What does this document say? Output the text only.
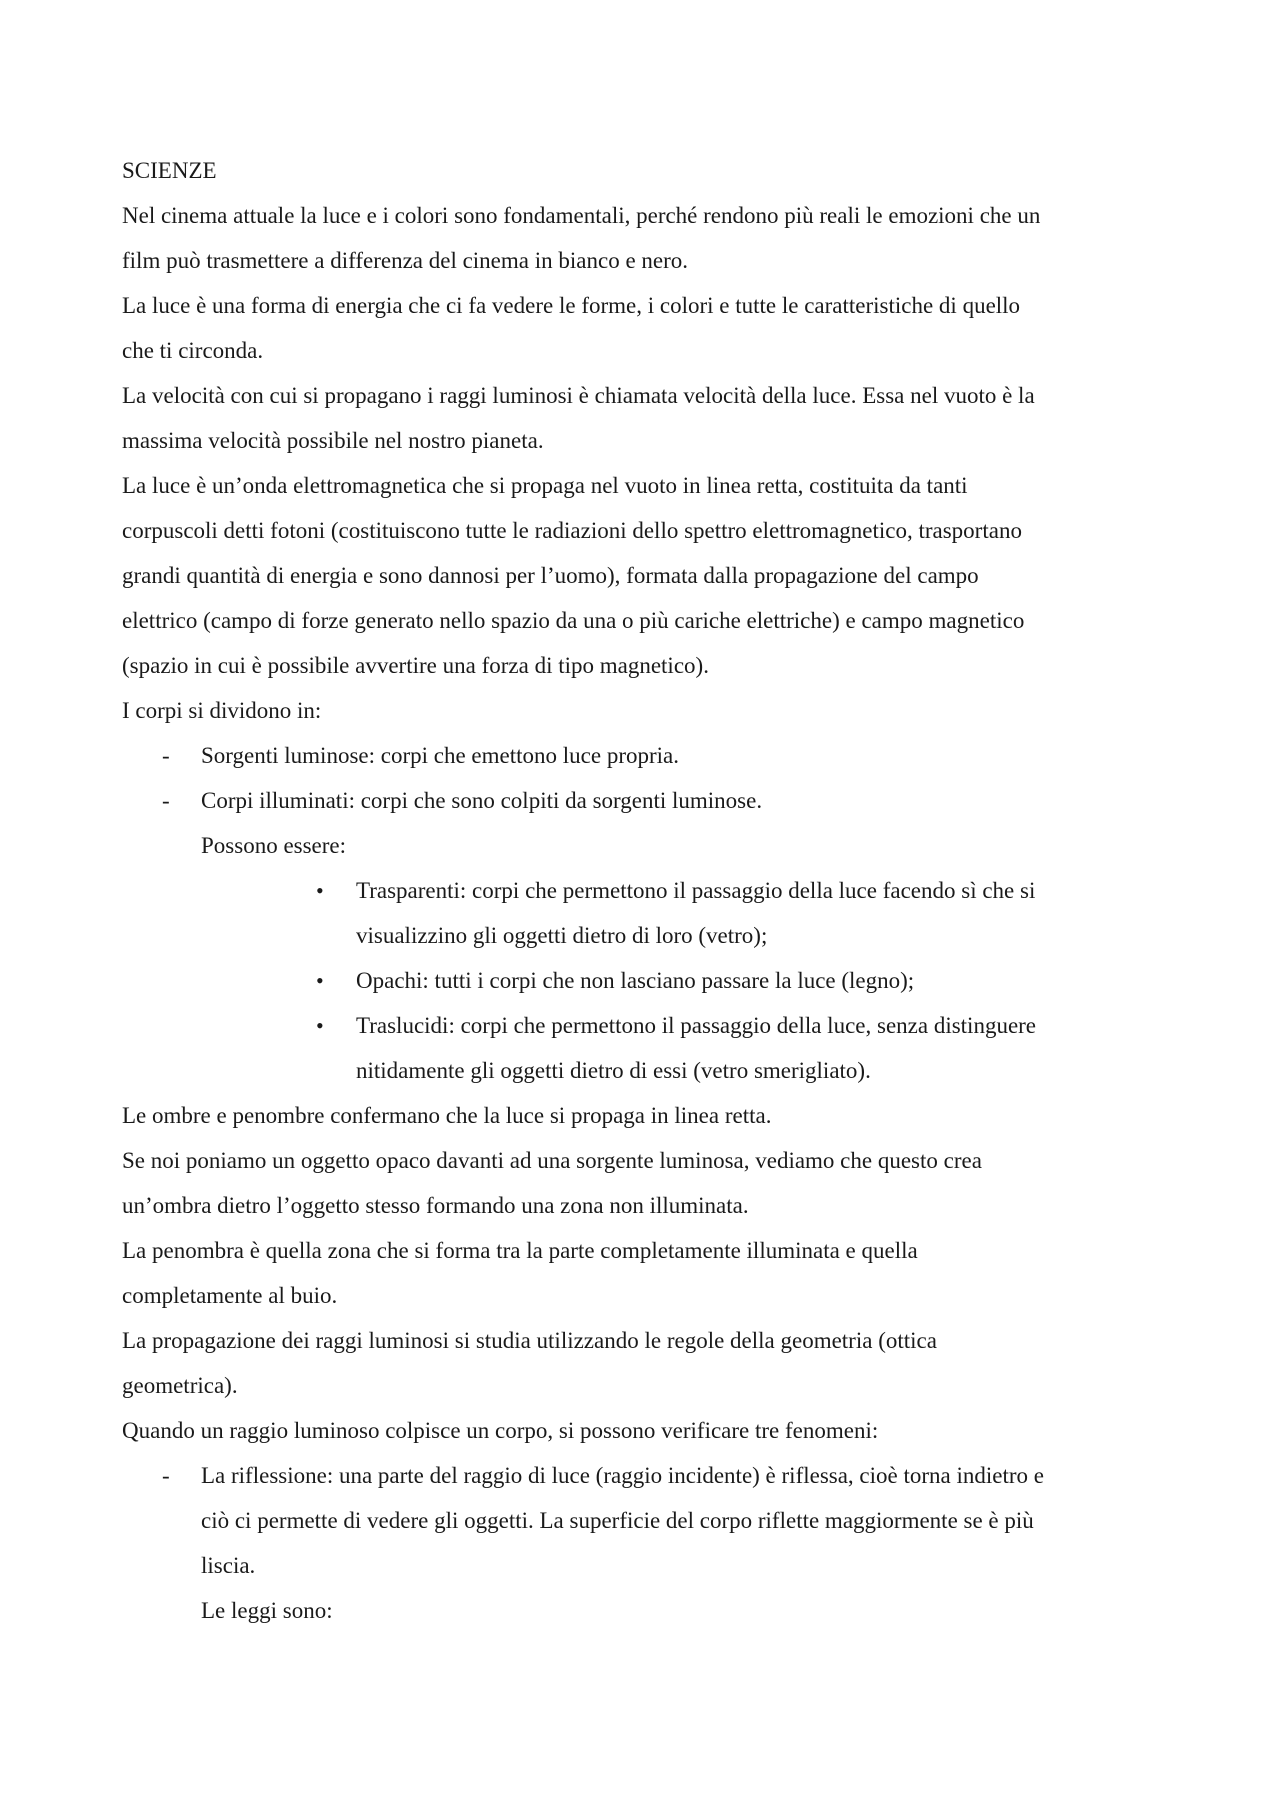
SCIENZE
Nel cinema attuale la luce e i colori sono fondamentali, perché rendono più reali le emozioni che un
film può trasmettere a differenza del cinema in bianco e nero.
La luce è una forma di energia che ci fa vedere le forme, i colori e tutte le caratteristiche di quello
che ti circonda.
La velocità con cui si propagano i raggi luminosi è chiamata velocità della luce. Essa nel vuoto è la
massima velocità possibile nel nostro pianeta.
La luce è un’onda elettromagnetica che si propaga nel vuoto in linea retta, costituita da tanti
corpuscoli detti fotoni (costituiscono tutte le radiazioni dello spettro elettromagnetico, trasportano
grandi quantità di energia e sono dannosi per l’uomo), formata dalla propagazione del campo
elettrico (campo di forze generato nello spazio da una o più cariche elettriche) e campo magnetico
(spazio in cui è possibile avvertire una forza di tipo magnetico).
I corpi si dividono in:
- Sorgenti luminose: corpi che emettono luce propria.
- Corpi illuminati: corpi che sono colpiti da sorgenti luminose.
Possono essere:
• Trasparenti: corpi che permettono il passaggio della luce facendo sì che si
visualizzino gli oggetti dietro di loro (vetro);
• Opachi: tutti i corpi che non lasciano passare la luce (legno);
• Traslucidi: corpi che permettono il passaggio della luce, senza distinguere
nitidamente gli oggetti dietro di essi (vetro smerigliato).
Le ombre e penombre confermano che la luce si propaga in linea retta.
Se noi poniamo un oggetto opaco davanti ad una sorgente luminosa, vediamo che questo crea
un’ombra dietro l’oggetto stesso formando una zona non illuminata.
La penombra è quella zona che si forma tra la parte completamente illuminata e quella
completamente al buio.
La propagazione dei raggi luminosi si studia utilizzando le regole della geometria (ottica
geometrica).
Quando un raggio luminoso colpisce un corpo, si possono verificare tre fenomeni:
- La riflessione: una parte del raggio di luce (raggio incidente) è riflessa, cioè torna indietro e
ciò ci permette di vedere gli oggetti. La superficie del corpo riflette maggiormente se è più
liscia.
Le leggi sono:
